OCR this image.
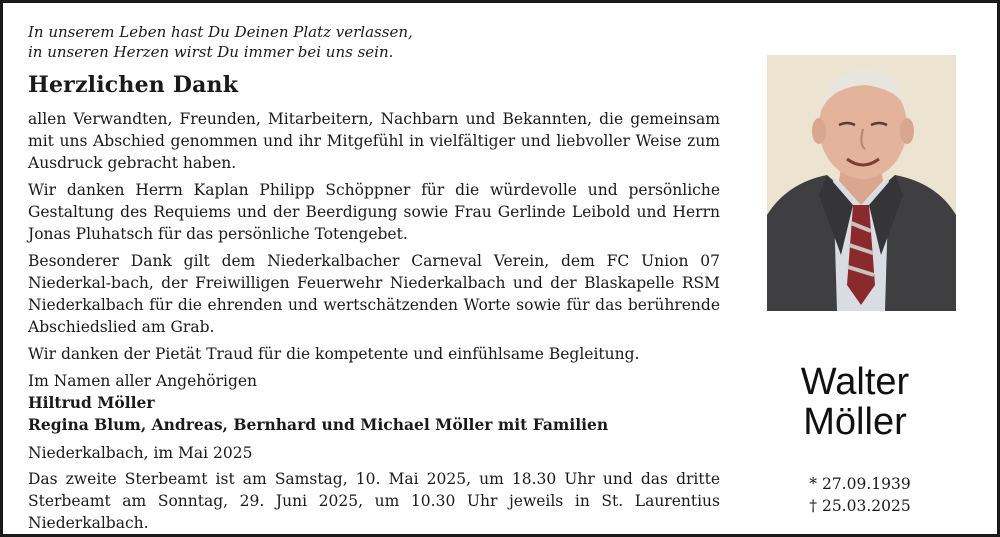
In unserem Leben hast Du Deinen Platz verlassen,
in unseren Herzen wirst Du immer bei uns sein.
Herzlichen Dank

allen Verwandten, Freunden, Mitarbeitern, Nachbarn und Bekannten, die gemeinsam mit uns Abschied genommen und ihr Mitgefühl in vielfältiger und liebvoller Weise zum Ausdruck gebracht haben.

Wir danken Herrn Kaplan Philipp Schöppner für die würdevolle und persönliche Gestaltung des Requiems und der Beerdigung sowie Frau Gerlinde Leibold und Herrn Jonas Pluhatsch für das persönliche Totengebet.

Besonderer Dank gilt dem Niederkalbacher Carneval Verein, dem FC Union 07 Niederkal-bach, der Freiwilligen Feuerwehr Niederkalbach und der Blaskapelle RSM Niederkalbach für die ehrenden und wertschätzenden Worte sowie für das berührende Abschiedslied am Grab.

Wir danken der Pietät Traud für die kompetente und einfühlsame Begleitung.

Im Namen aller Angehörigen
Hiltrud Möller
Regina Blum, Andreas, Bernhard und Michael Möller mit Familien
Niederkalbach, im Mai 2025
Das zweite Sterbeamt ist am Samstag, 10. Mai 2025, um 18.30 Uhr und das dritte Sterbeamt am Sonntag, 29. Juni 2025, um 10.30 Uhr jeweils in St. Laurentius Niederkalbach.
Walter
Möller
* 27.09.1939
† 25.03.2025
